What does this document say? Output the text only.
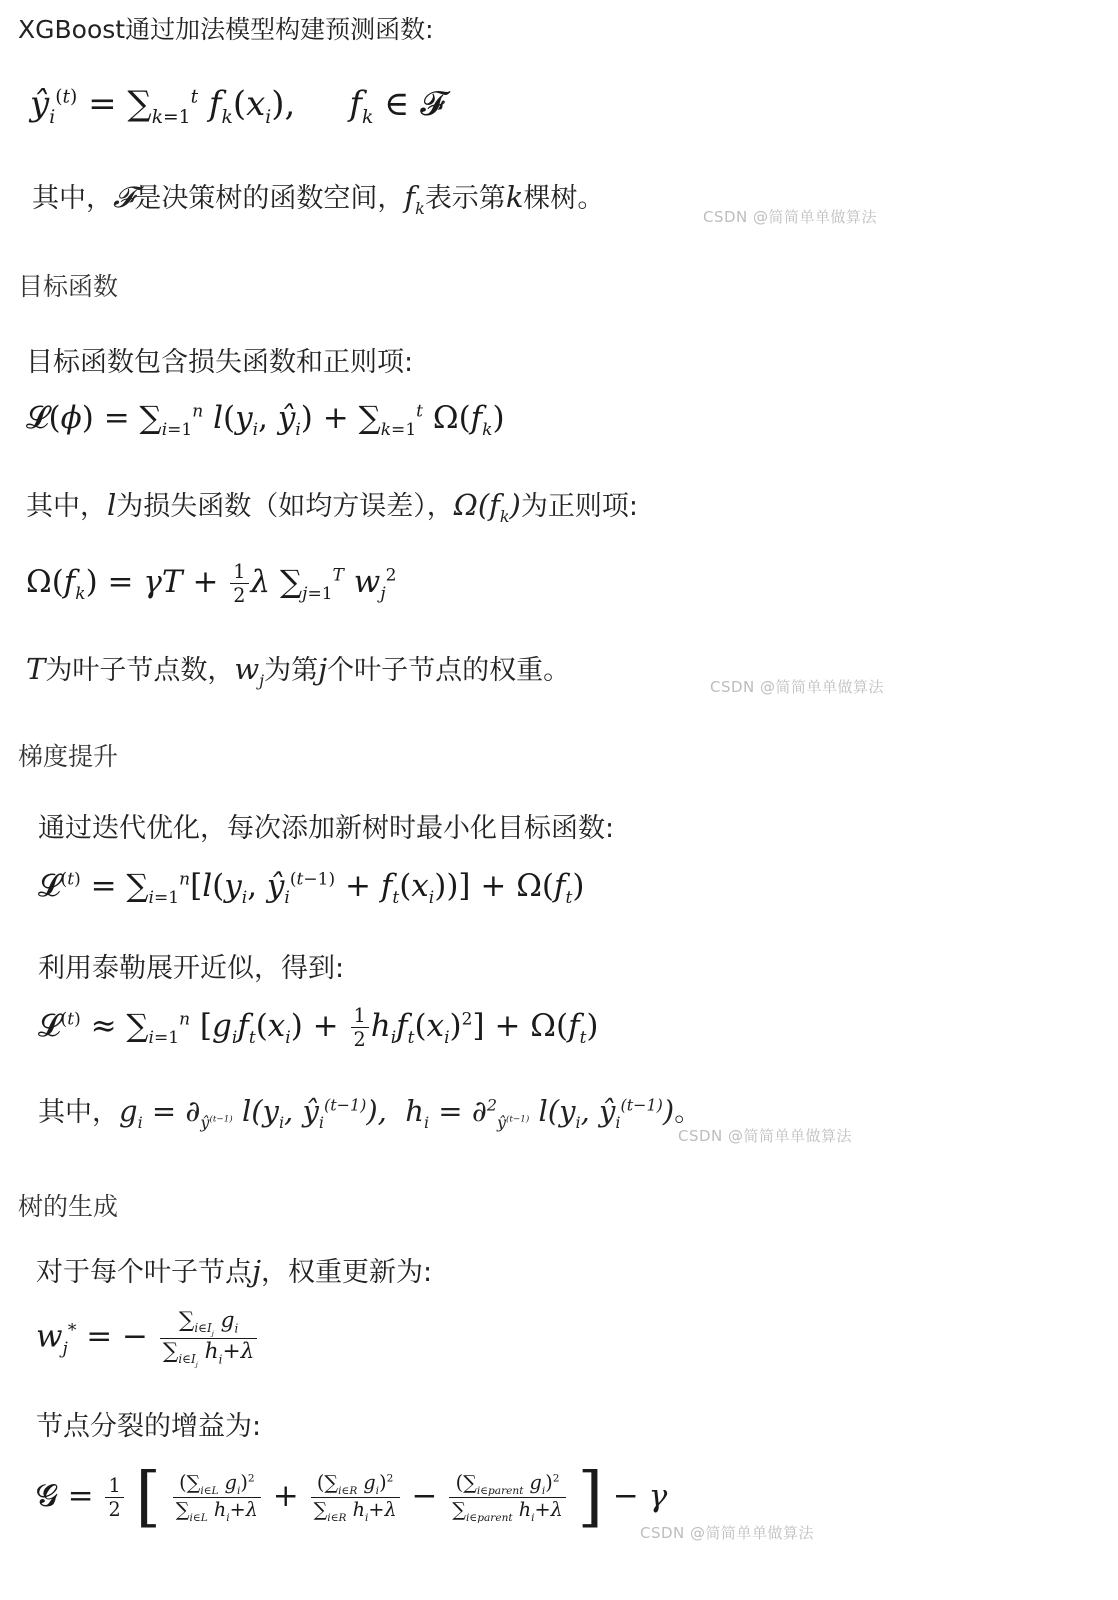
XGBoost通过加法模型构建预测函数:
$ŷ_i^{(t)} = \sum_{k=1}^t$ $f_k(x_i)$,     $f_k$ ∈ 𝓕
其中，𝓕是决策树的函数空间，$f_k$表示第k棵树。
CSDN @简简单单做算法
目标函数
目标函数包含损失函数和正则项:
𝓛(ϕ) = $\sum_{i=1}^n$ $l(y_i$, $ŷ_i) + \sum_{k=1}^t$ $\Omega(f_k)$
其中，l为损失函数（如均方误差），$\Omega(f_k)$为正则项:
$\Omega(f_k) = \gamma T + \frac{1}{2}$ λ $\sum_{j=1}^T$ $w_j^2$
T为叶子节点数，$w_j$为第j个叶子节点的权重。
CSDN @简简单单做算法
梯度提升
通过迭代优化，每次添加新树时最小化目标函数:
𝓛$^{(t)}$ = $\sum_{i=1}^n[l(y_i$, $ŷ_i^{(t-1)} + f_t(x_i))] + \Omega(f_t)$
利用泰勒展开近似，得到:
𝓛$^{(t)}$ ≈ $\sum_{i=1}^n$ $[g_if_t(x_i) + \frac{1}{2} h_if_t(x_i)^2] + \Omega(f_t)$
其中，$g_i = \partial_{ŷ^{(t-1)}}$ $l(y_i$, $ŷ_i^{(t-1)}$),  $h_i = \partial^2_{ŷ^{(t-1)}}$ $l(y_i$, $ŷ_i^{(t-1)}$)。
CSDN @简简单单做算法
树的生成
对于每个叶子节点j，权重更新为:
$w_j^*$ = − $\frac{\sum_{i\in I_j} g_i}{\sum_{i\in I_j} h_i+\lambda}$
节点分裂的增益为:
𝓖 = $\frac{1}{2}$ [ $\frac{(\sum_{i\in L} g_i)^2}{\sum_{i\in L} h_i+\lambda} + \frac{(\sum_{i\in R} g_i)^2}{\sum_{i\in R} h_i+\lambda} - \frac{(\sum_{i\in parent} g_i)^2}{\sum_{i\in parent} h_i+\lambda}$ ] − γ
CSDN @简简单单做算法
